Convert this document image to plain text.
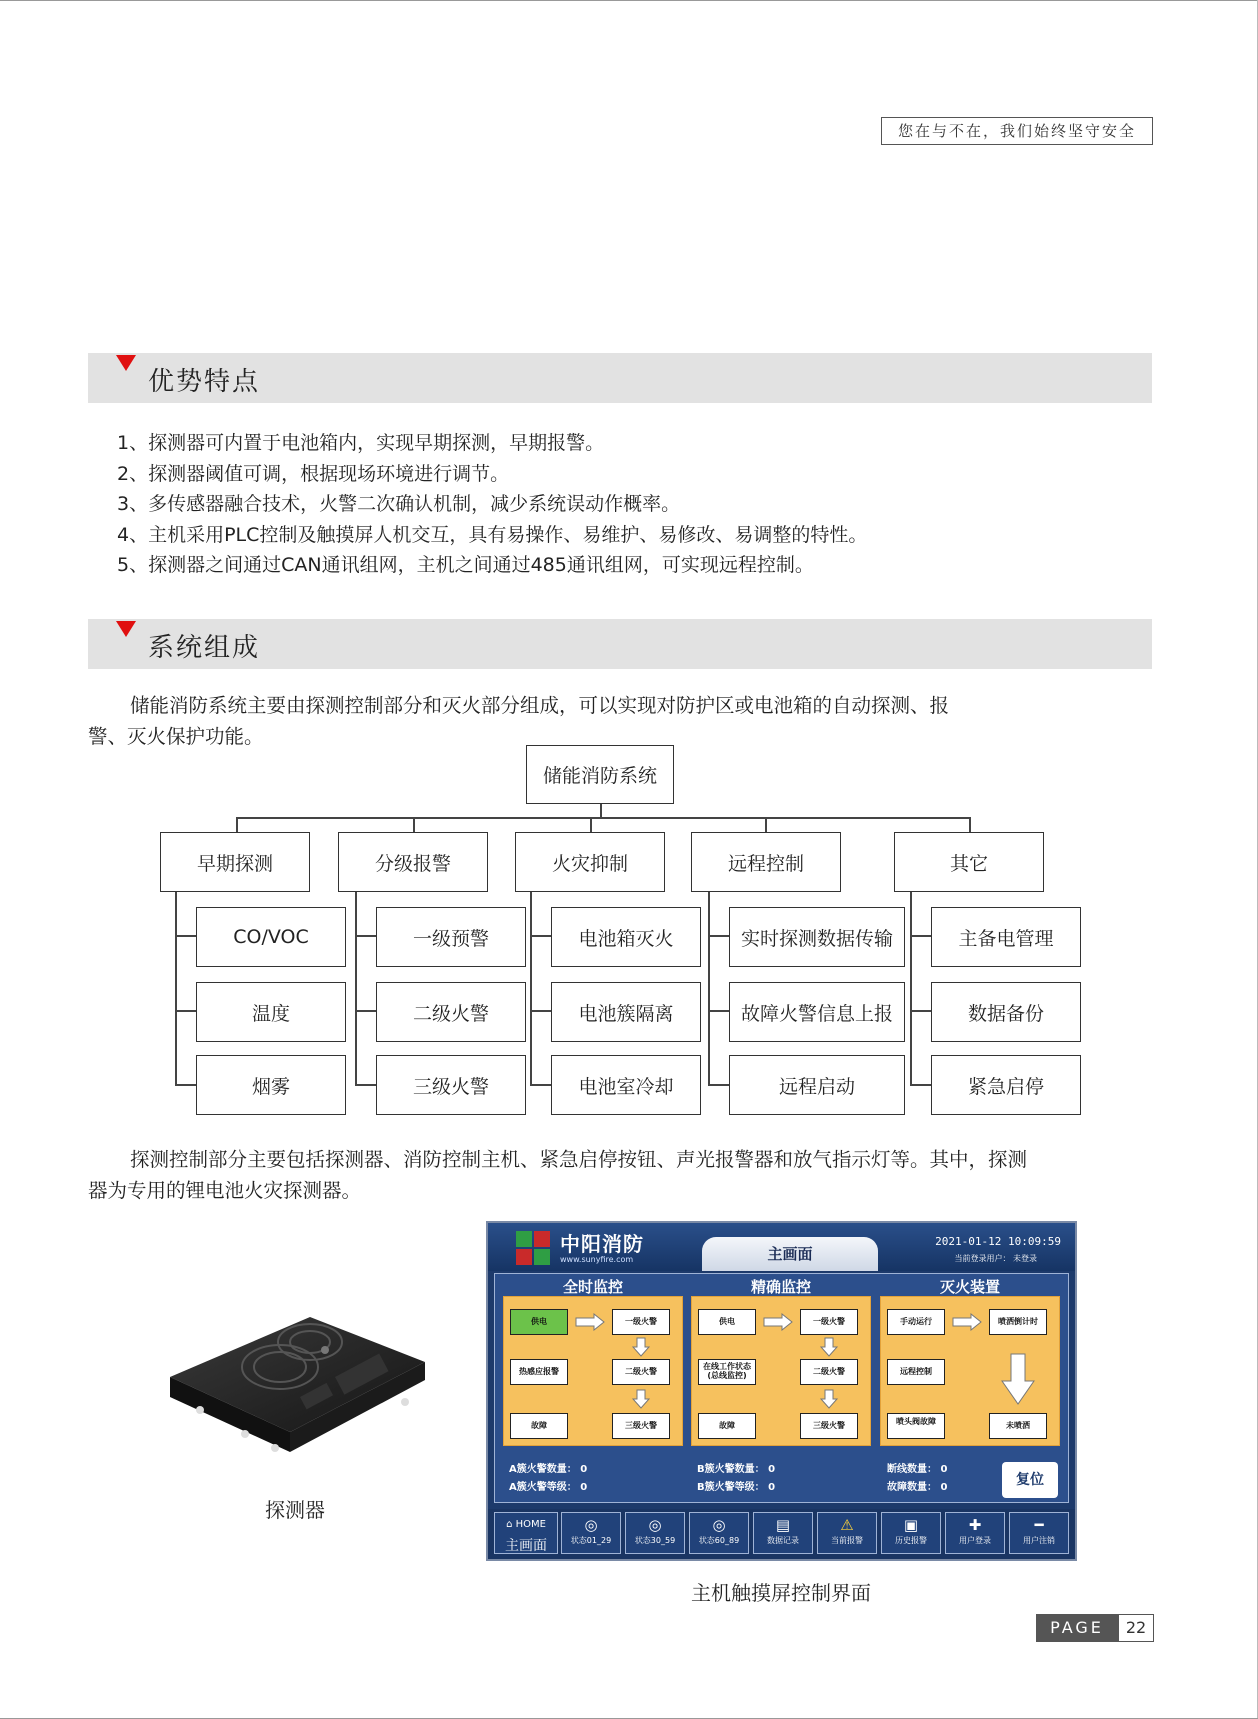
您在与不在，我们始终坚守安全
优势特点
1、探测器可内置于电池箱内，实现早期探测，早期报警。
2、探测器阈值可调，根据现场环境进行调节。
3、多传感器融合技术，火警二次确认机制，减少系统误动作概率。
4、主机采用PLC控制及触摸屏人机交互，具有易操作、易维护、易修改、易调整的特性。
5、探测器之间通过CAN通讯组网，主机之间通过485通讯组网，可实现远程控制。
系统组成
储能消防系统主要由探测控制部分和灭火部分组成，可以实现对防护区或电池箱的自动探测、报
警、灭火保护功能。
储能消防系统
早期探测	分级报警	火灾抑制	远程控制	其它
CO/VOC
温度
烟雾
一级预警
二级火警
三级火警
电池箱灭火
电池簇隔离
电池室冷却
实时探测数据传输
故障火警信息上报
远程启动
主备电管理
数据备份
紧急启停
探测控制部分主要包括探测器、消防控制主机、紧急启停按钮、声光报警器和放气指示灯等。其中，探测
器为专用的锂电池火灾探测器。
探测器
中阳消防
www.sunyfire.com	主画面
2021-01-12 10:09:59
当前登录用户： 未登录
全时监控	精确监控	灭火装置
供电	一级火警
热感应报警	二级火警
故障	三级火警
供电	一级火警
在线工作状态(总线监控)	二级火警
故障	三级火警
手动运行	喷洒倒计时
远程控制
喷头阀故障	未喷洒
A簇火警数量： 0
A簇火警等级： 0
B簇火警数量： 0
B簇火警等级： 0
断线数量： 0
故障数量： 0	复位
⌂ HOME
主画面
◎
状态01_29
◎
状态30_59
◎
状态60_89
▤
数据记录
⚠
当前报警
▣
历史报警
✚
用户登录
━
用户注销
主机触摸屏控制界面
PAGE	22
